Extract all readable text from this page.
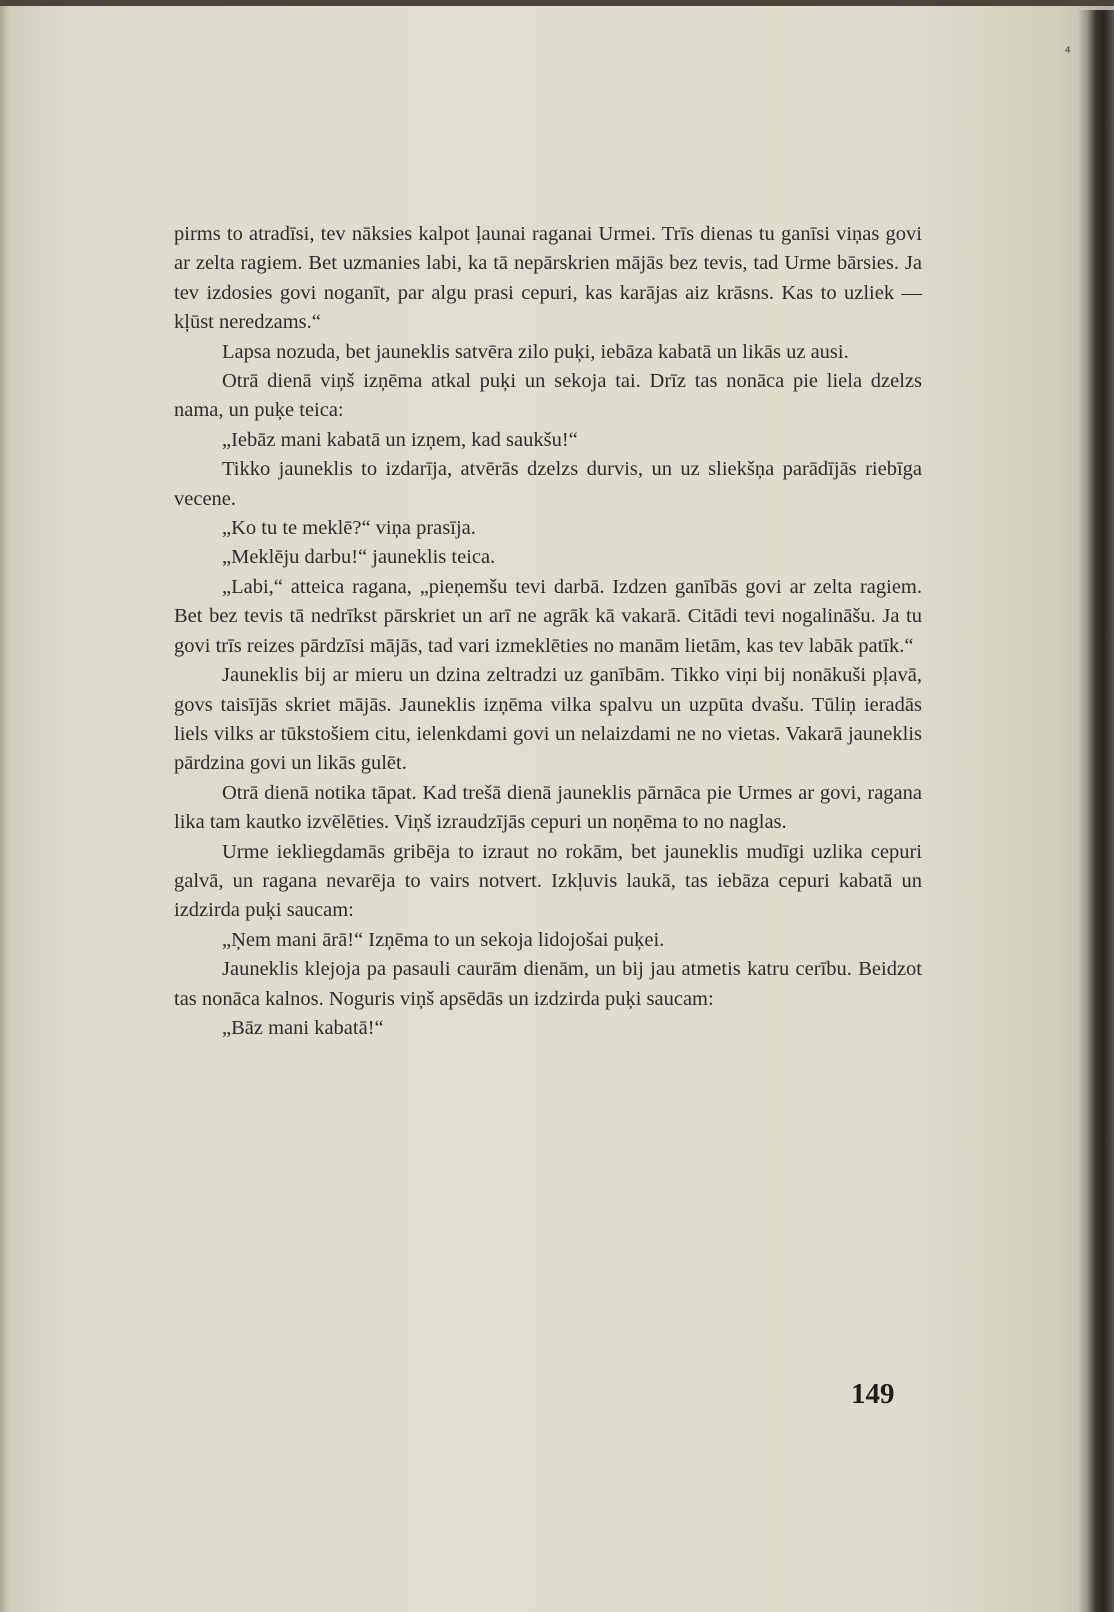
⁴

pirms to atradīsi, tev nāksies kalpot ļaunai raganai Urmei. Trīs dienas tu ganīsi viņas govi ar zelta ragiem. Bet uzmanies labi, ka tā nepārskrien mājās bez tevis, tad Urme bārsies. Ja tev izdosies govi noganīt, par algu prasi cepuri, kas karājas aiz krāsns. Kas to uzliek — kļūst neredzams.“

Lapsa nozuda, bet jauneklis satvēra zilo puķi, iebāza kabatā un likās uz ausi.

Otrā dienā viņš izņēma atkal puķi un sekoja tai. Drīz tas nonāca pie liela dzelzs nama, un puķe teica:

„Iebāz mani kabatā un izņem, kad saukšu!“

Tikko jauneklis to izdarīja, atvērās dzelzs durvis, un uz sliekšņa parādījās riebīga vecene.

„Ko tu te meklē?“ viņa prasīja.

„Meklēju darbu!“ jauneklis teica.

„Labi,“ atteica ragana, „pieņemšu tevi darbā. Izdzen ganībās govi ar zelta ragiem. Bet bez tevis tā nedrīkst pārskriet un arī ne agrāk kā vakarā. Citādi tevi nogalināšu. Ja tu govi trīs reizes pārdzīsi mājās, tad vari izmeklēties no manām lietām, kas tev labāk patīk.“

Jauneklis bij ar mieru un dzina zeltradzi uz ganībām. Tikko viņi bij nonākuši pļavā, govs taisījās skriet mājās. Jauneklis izņēma vilka spalvu un uzpūta dvašu. Tūliņ ieradās liels vilks ar tūkstošiem citu, ielenkdami govi un nelaizdami ne no vietas. Vakarā jauneklis pārdzina govi un likās gulēt.

Otrā dienā notika tāpat. Kad trešā dienā jauneklis pārnāca pie Urmes ar govi, ragana lika tam kautko izvēlēties. Viņš izraudzījās cepuri un noņēma to no naglas.

Urme iekliegdamās gribēja to izraut no rokām, bet jauneklis mudīgi uzlika cepuri galvā, un ragana nevarēja to vairs notvert. Izkļuvis laukā, tas iebāza cepuri kabatā un izdzirda puķi saucam:

„Ņem mani ārā!“ Izņēma to un sekoja lidojošai puķei.

Jauneklis klejoja pa pasauli caurām dienām, un bij jau atmetis katru cerību. Beidzot tas nonāca kalnos. Noguris viņš apsēdās un izdzirda puķi saucam:

„Bāz mani kabatā!“

149
